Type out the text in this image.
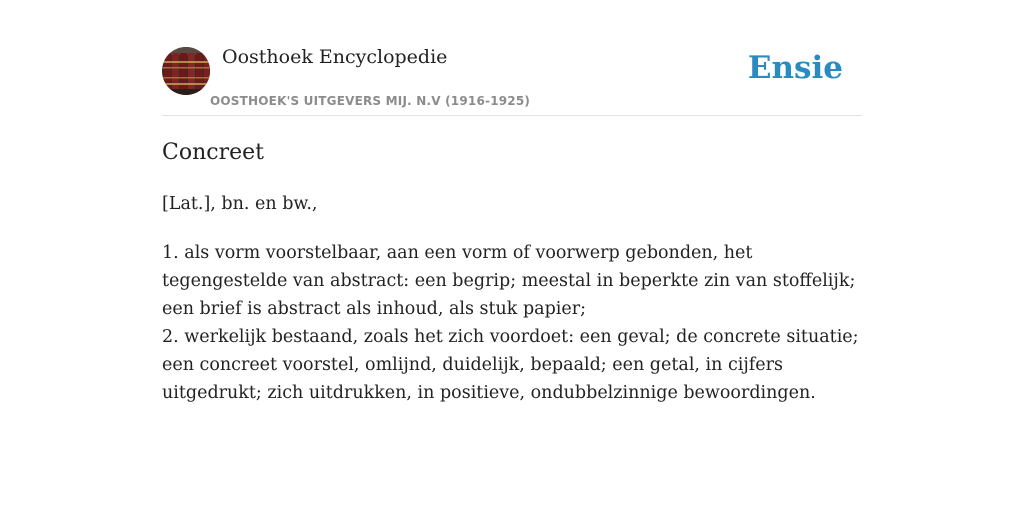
Oosthoek Encyclopedie
OOSTHOEK'S UITGEVERS MIJ. N.V (1916-1925)
Ensie
Concreet
[Lat.], bn. en bw.,

1. als vorm voorstelbaar, aan een vorm of voorwerp gebonden, het tegengestelde van abstract: een begrip; meestal in beperkte zin van stoffelijk; een brief is abstract als inhoud, als stuk papier;

2. werkelijk bestaand, zoals het zich voordoet: een geval; de concrete situatie; een concreet voorstel, omlijnd, duidelijk, bepaald; een getal, in cijfers uitgedrukt; zich uitdrukken, in positieve, ondubbelzinnige bewoordingen.
